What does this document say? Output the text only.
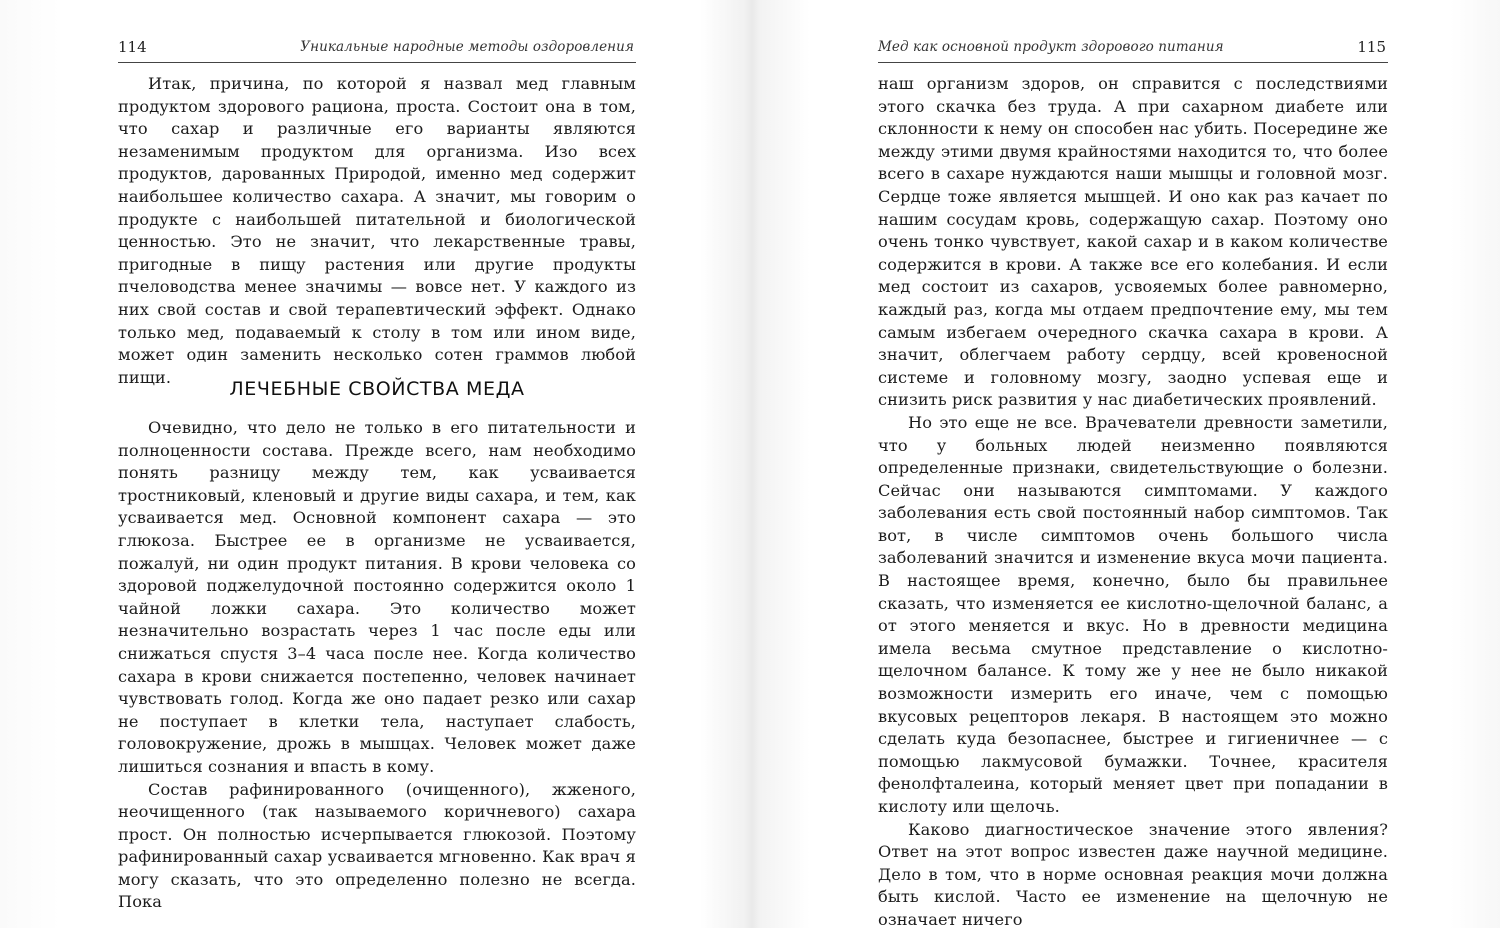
114	Уникальные народные методы оздоровления

Итак, причина, по которой я назвал мед главным продуктом здорового рациона, проста. Состоит она в том, что сахар и различные его варианты являются незаменимым продуктом для организма. Изо всех продуктов, дарованных Природой, именно мед содержит наибольшее количество сахара. А значит, мы говорим о продукте с наибольшей питательной и биологической ценностью. Это не значит, что лекарственные травы, пригодные в пищу растения или другие продукты пчеловодства менее значимы — вовсе нет. У каждого из них свой состав и свой терапевтический эффект. Однако только мед, подаваемый к столу в том или ином виде, может один заменить несколько сотен граммов любой пищи.

ЛЕЧЕБНЫЕ СВОЙСТВА МЕДА

Очевидно, что дело не только в его питательности и полноценности состава. Прежде всего, нам необходимо понять разницу между тем, как усваивается тростниковый, кленовый и другие виды сахара, и тем, как усваивается мед. Основной компонент сахара — это глюкоза. Быстрее ее в организме не усваивается, пожалуй, ни один продукт питания. В крови человека со здоровой поджелудочной постоянно содержится около 1 чайной ложки сахара. Это количество может незначительно возрастать через 1 час после еды или снижаться спустя 3–4 часа после нее. Когда количество сахара в крови снижается постепенно, человек начинает чувствовать голод. Когда же оно падает резко или сахар не поступает в клетки тела, наступает слабость, головокружение, дрожь в мышцах. Человек может даже лишиться сознания и впасть в кому.

Состав рафинированного (очищенного), жженого, неочищенного (так называемого коричневого) сахара прост. Он полностью исчерпывается глюкозой. Поэтому рафинированный сахар усваивается мгновенно. Как врач я могу сказать, что это определенно полезно не всегда. Пока

Мед как основной продукт здорового питания	115

наш организм здоров, он справится с последствиями этого скачка без труда. А при сахарном диабете или склонности к нему он способен нас убить. Посередине же между этими двумя крайностями находится то, что более всего в сахаре нуждаются наши мышцы и головной мозг. Сердце тоже является мышцей. И оно как раз качает по нашим сосудам кровь, содержащую сахар. Поэтому оно очень тонко чувствует, какой сахар и в каком количестве содержится в крови. А также все его колебания. И если мед состоит из сахаров, усвояемых более равномерно, каждый раз, когда мы отдаем предпочтение ему, мы тем самым избегаем очередного скачка сахара в крови. А значит, облегчаем работу сердцу, всей кровеносной системе и головному мозгу, заодно успевая еще и снизить риск развития у нас диабетических проявлений.

Но это еще не все. Врачеватели древности заметили, что у больных людей неизменно появляются определенные признаки, свидетельствующие о болезни. Сейчас они называются симптомами. У каждого заболевания есть свой постоянный набор симптомов. Так вот, в числе симптомов очень большого числа заболеваний значится и изменение вкуса мочи пациента. В настоящее время, конечно, было бы правильнее сказать, что изменяется ее кислотно-щелочной баланс, а от этого меняется и вкус. Но в древности медицина имела весьма смутное представление о кислотно-щелочном балансе. К тому же у нее не было никакой возможности измерить его иначе, чем с помощью вкусовых рецепторов лекаря. В настоящем это можно сделать куда безопаснее, быстрее и гигиеничнее — с помощью лакмусовой бумажки. Точнее, красителя фенолфталеина, который меняет цвет при попадании в кислоту или щелочь.

Каково диагностическое значение этого явления? Ответ на этот вопрос известен даже научной медицине. Дело в том, что в норме основная реакция мочи должна быть кислой. Часто ее изменение на щелочную не означает ничего
